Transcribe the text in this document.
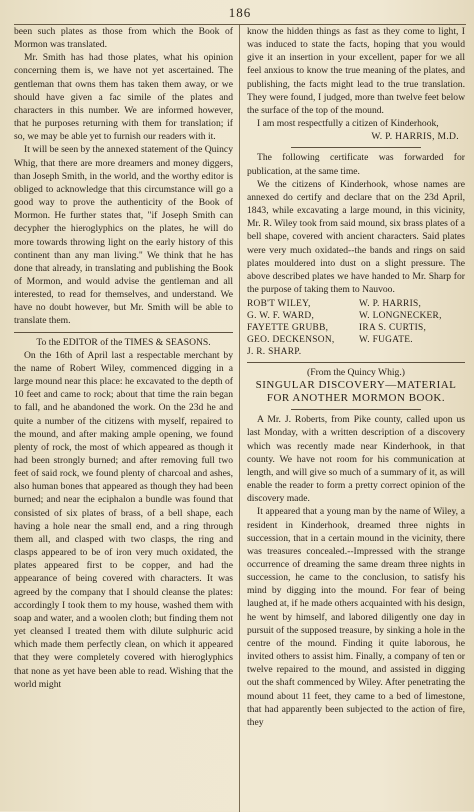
186

been such plates as those from which the Book of Mormon was translated.

Mr. Smith has had those plates, what his opinion concerning them is, we have not yet ascertained. The gentleman that owns them has taken them away, or we should have given a fac simile of the plates and characters in this number. We are informed however, that he purposes returning with them for translation; if so, we may be able yet to furnish our readers with it.

It will be seen by the annexed statement of the Quincy Whig, that there are more dreamers and money diggers, than Joseph Smith, in the world, and the worthy editor is obliged to acknowledge that this circumstance will go a good way to prove the authenticity of the Book of Mormon. He further states that, "if Joseph Smith can decypher the hieroglyphics on the plates, he will do more towards throwing light on the early history of this continent than any man living." We think that he has done that already, in translating and publishing the Book of Mormon, and would advise the gentleman and all interested, to read for themselves, and understand. We have no doubt however, but Mr. Smith will be able to translate them.

To the EDITOR of the TIMES & SEASONS.

On the 16th of April last a respectable merchant by the name of Robert Wiley, commenced digging in a large mound near this place: he excavated to the depth of 10 feet and came to rock; about that time the rain began to fall, and he abandoned the work. On the 23d he and quite a number of the citizens with myself, repaired to the mound, and after making ample opening, we found plenty of rock, the most of which appeared as though it had been strongly burned; and after removing full two feet of said rock, we found plenty of charcoal and ashes, also human bones that appeared as though they had been burned; and near the eciphalon a bundle was found that consisted of six plates of brass, of a bell shape, each having a hole near the small end, and a ring through them all, and clasped with two clasps, the ring and clasps appeared to be of iron very much oxidated, the plates appeared first to be copper, and had the appearance of being covered with characters. It was agreed by the company that I should cleanse the plates: accordingly I took them to my house, washed them with soap and water, and a woolen cloth; but finding them not yet cleansed I treated them with dilute sulphuric acid which made them perfectly clean, on which it appeared that they were completely covered with hieroglyphics that none as yet have been able to read. Wishing that the world might

know the hidden things as fast as they come to light, I was induced to state the facts, hoping that you would give it an insertion in your excellent, paper for we all feel anxious to know the true meaning of the plates, and publishing, the facts might lead to the true translation. They were found, I judged, more than twelve feet below the surface of the top of the mound.

I am most respectfully a citizen of Kinderhook,

W. P. HARRIS, M.D.

The following certificate was forwarded for publication, at the same time.

We the citizens of Kinderhook, whose names are annexed do certify and declare that on the 23d April, 1843, while excavating a large mound, in this vicinity, Mr. R. Wiley took from said mound, six brass plates of a bell shape, covered with ancient characters. Said plates were very much oxidated--the bands and rings on said plates mouldered into dust on a slight pressure. The above described plates we have handed to Mr. Sharp for the purpose of taking them to Nauvoo.

ROB'T WILEY,	W. P. HARRIS,
G. W. F. WARD,	W. LONGNECKER,
FAYETTE GRUBB,	IRA S. CURTIS,
GEO. DECKENSON,	W. FUGATE.
J. R. SHARP.

(From the Quincy Whig.)

SINGULAR DISCOVERY—MATERIAL FOR ANOTHER MORMON BOOK.

A Mr. J. Roberts, from Pike county, called upon us last Monday, with a written description of a discovery which was recently made near Kinderhook, in that county. We have not room for his communication at length, and will give so much of a summary of it, as will enable the reader to form a pretty correct opinion of the discovery made.

It appeared that a young man by the name of Wiley, a resident in Kinderhook, dreamed three nights in succession, that in a certain mound in the vicinity, there was treasures concealed.--Impressed with the strange occurrence of dreaming the same dream three nights in succession, he came to the conclusion, to satisfy his mind by digging into the mound. For fear of being laughed at, if he made others acquainted with his design, he went by himself, and labored diligently one day in pursuit of the supposed treasure, by sinking a hole in the centre of the mound. Finding it quite laborous, he invited others to assist him. Finally, a company of ten or twelve repaired to the mound, and assisted in digging out the shaft commenced by Wiley. After penetrating the mound about 11 feet, they came to a bed of limestone, that had apparently been subjected to the action of fire, they
